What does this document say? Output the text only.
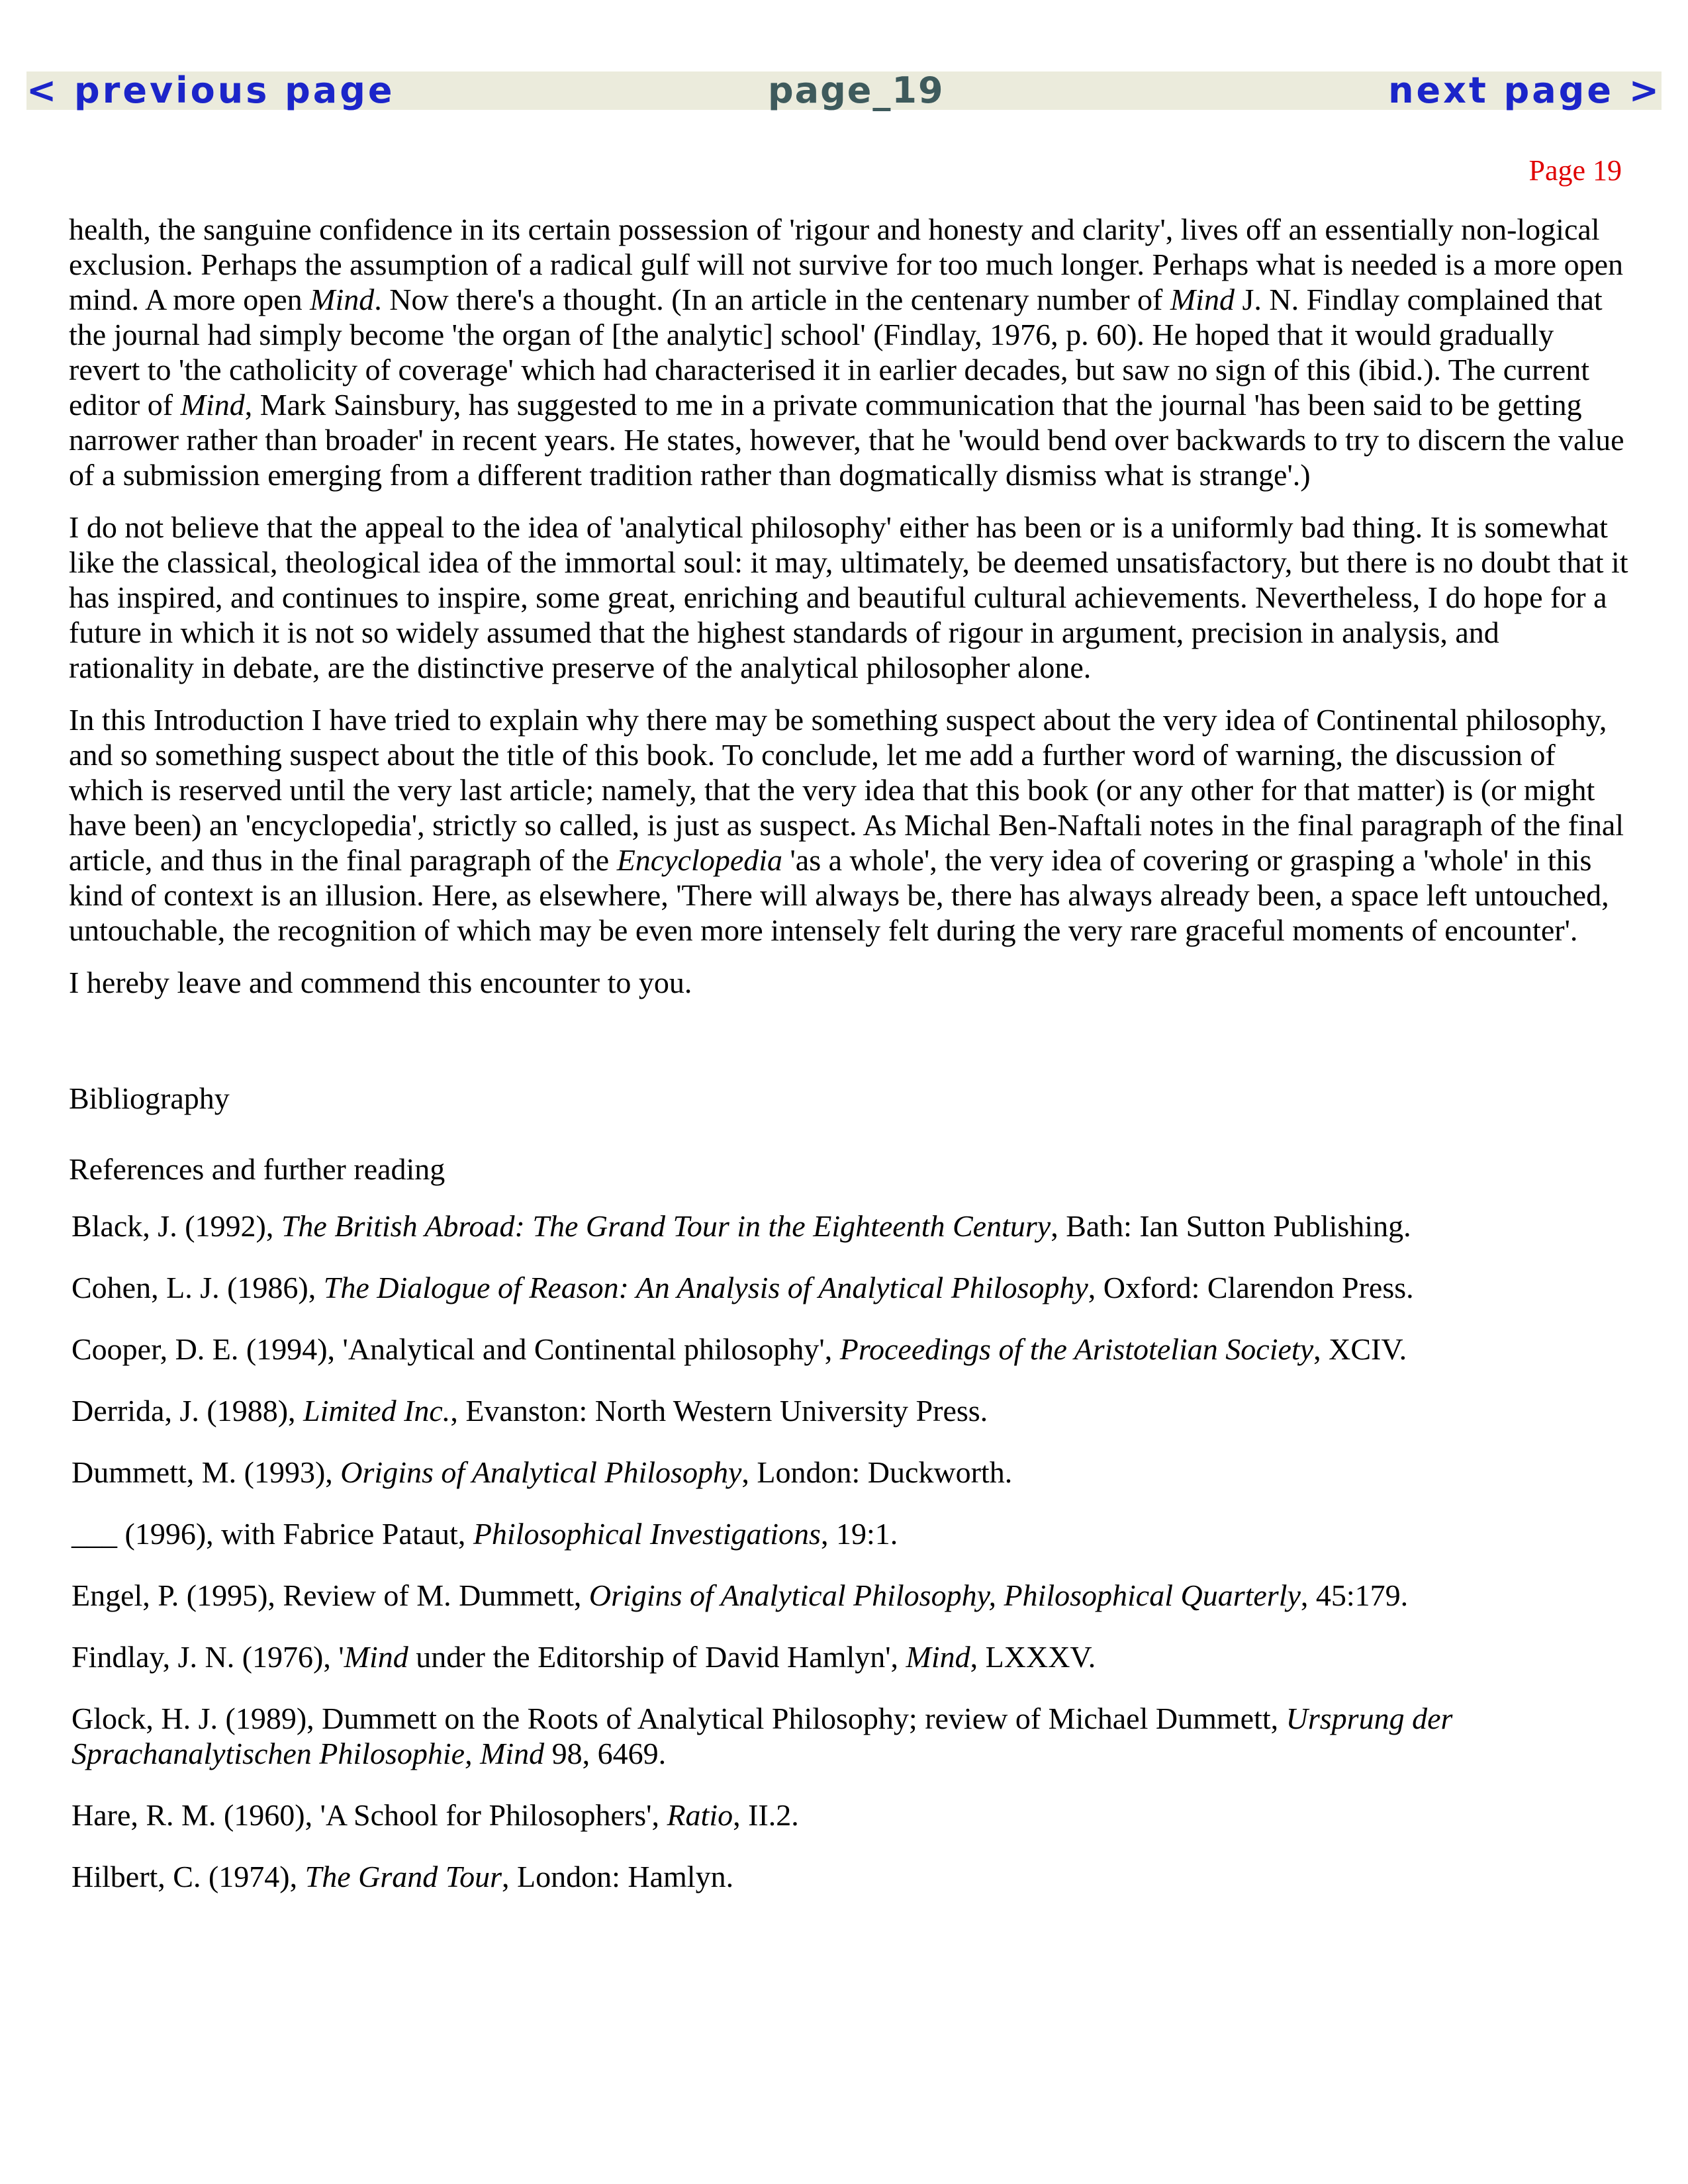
< previous page	page_19	next page >
Page 19

health, the sanguine confidence in its certain possession of 'rigour and honesty and clarity', lives off an essentially non-logical exclusion. Perhaps the assumption of a radical gulf will not survive for too much longer. Perhaps what is needed is a more open mind. A more open Mind. Now there's a thought. (In an article in the centenary number of Mind J. N. Findlay complained that the journal had simply become 'the organ of [the analytic] school' (Findlay, 1976, p. 60). He hoped that it would gradually revert to 'the catholicity of coverage' which had characterised it in earlier decades, but saw no sign of this (ibid.). The current editor of Mind, Mark Sainsbury, has suggested to me in a private communication that the journal 'has been said to be getting narrower rather than broader' in recent years. He states, however, that he 'would bend over backwards to try to discern the value of a submission emerging from a different tradition rather than dogmatically dismiss what is strange'.)

I do not believe that the appeal to the idea of 'analytical philosophy' either has been or is a uniformly bad thing. It is somewhat like the classical, theological idea of the immortal soul: it may, ultimately, be deemed unsatisfactory, but there is no doubt that it has inspired, and continues to inspire, some great, enriching and beautiful cultural achievements. Nevertheless, I do hope for a future in which it is not so widely assumed that the highest standards of rigour in argument, precision in analysis, and rationality in debate, are the distinctive preserve of the analytical philosopher alone.

In this Introduction I have tried to explain why there may be something suspect about the very idea of Continental philosophy, and so something suspect about the title of this book. To conclude, let me add a further word of warning, the discussion of which is reserved until the very last article; namely, that the very idea that this book (or any other for that matter) is (or might have been) an 'encyclopedia', strictly so called, is just as suspect. As Michal Ben-Naftali notes in the final paragraph of the final article, and thus in the final paragraph of the Encyclopedia 'as a whole', the very idea of covering or grasping a 'whole' in this kind of context is an illusion. Here, as elsewhere, 'There will always be, there has always already been, a space left untouched, untouchable, the recognition of which may be even more intensely felt during the very rare graceful moments of encounter'.

I hereby leave and commend this encounter to you.

Bibliography
References and further reading

Black, J. (1992), The British Abroad: The Grand Tour in the Eighteenth Century, Bath: Ian Sutton Publishing.

Cohen, L. J. (1986), The Dialogue of Reason: An Analysis of Analytical Philosophy, Oxford: Clarendon Press.

Cooper, D. E. (1994), 'Analytical and Continental philosophy', Proceedings of the Aristotelian Society, XCIV.

Derrida, J. (1988), Limited Inc., Evanston: North Western University Press.

Dummett, M. (1993), Origins of Analytical Philosophy, London: Duckworth.

___ (1996), with Fabrice Pataut, Philosophical Investigations, 19:1.

Engel, P. (1995), Review of M. Dummett, Origins of Analytical Philosophy, Philosophical Quarterly, 45:179.

Findlay, J. N. (1976), 'Mind under the Editorship of David Hamlyn', Mind, LXXXV.

Glock, H. J. (1989), Dummett on the Roots of Analytical Philosophy; review of Michael Dummett, Ursprung der Sprachanalytischen Philosophie, Mind 98, 6469.

Hare, R. M. (1960), 'A School for Philosophers', Ratio, II.2.

Hilbert, C. (1974), The Grand Tour, London: Hamlyn.
